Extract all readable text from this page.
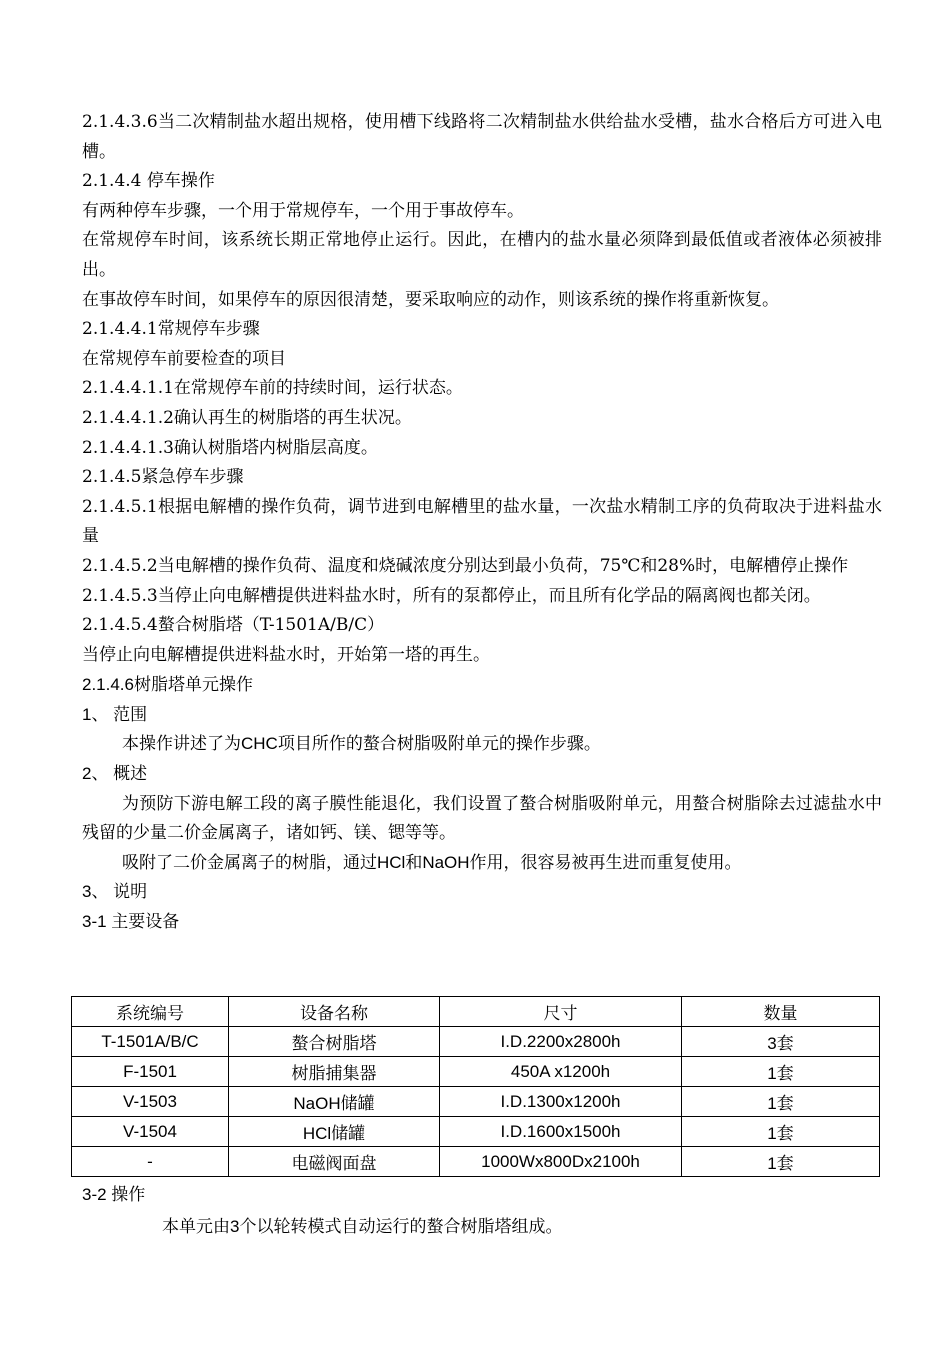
2.1.4.3.6当二次精制盐水超出规格，使用槽下线路将二次精制盐水供给盐水受槽，盐水合格后方可进入电槽。
2.1.4.4 停车操作
有两种停车步骤，一个用于常规停车，一个用于事故停车。
在常规停车时间，该系统长期正常地停止运行。因此，在槽内的盐水量必须降到最低值或者液体必须被排出。
在事故停车时间，如果停车的原因很清楚，要采取响应的动作，则该系统的操作将重新恢复。
2.1.4.4.1常规停车步骤
在常规停车前要检查的项目
2.1.4.4.1.1在常规停车前的持续时间，运行状态。
2.1.4.4.1.2确认再生的树脂塔的再生状况。
2.1.4.4.1.3确认树脂塔内树脂层高度。
2.1.4.5紧急停车步骤
2.1.4.5.1根据电解槽的操作负荷，调节进到电解槽里的盐水量，一次盐水精制工序的负荷取决于进料盐水量
2.1.4.5.2当电解槽的操作负荷、温度和烧碱浓度分别达到最小负荷，75℃和28%时，电解槽停止操作
2.1.4.5.3当停止向电解槽提供进料盐水时，所有的泵都停止，而且所有化学品的隔离阀也都关闭。
2.1.4.5.4螯合树脂塔（T-1501A/B/C）
当停止向电解槽提供进料盐水时，开始第一塔的再生。
2.1.4.6树脂塔单元操作
1、 范围
本操作讲述了为CHC项目所作的螯合树脂吸附单元的操作步骤。
2、 概述
为预防下游电解工段的离子膜性能退化，我们设置了螯合树脂吸附单元，用螯合树脂除去过滤盐水中残留的少量二价金属离子，诸如钙、镁、锶等等。
吸附了二价金属离子的树脂，通过HCl和NaOH作用，很容易被再生进而重复使用。
3、 说明
3-1 主要设备
系统编号	设备名称	尺寸	数量
T-1501A/B/C	螯合树脂塔	I.D.2200x2800h	3套
F-1501	树脂捕集器	450A x1200h	1套
V-1503	NaOH储罐	I.D.1300x1200h	1套
V-1504	HCl储罐	I.D.1600x1500h	1套
-	电磁阀面盘	1000Wx800Dx2100h	1套
3-2 操作
本单元由3个以轮转模式自动运行的螯合树脂塔组成。
